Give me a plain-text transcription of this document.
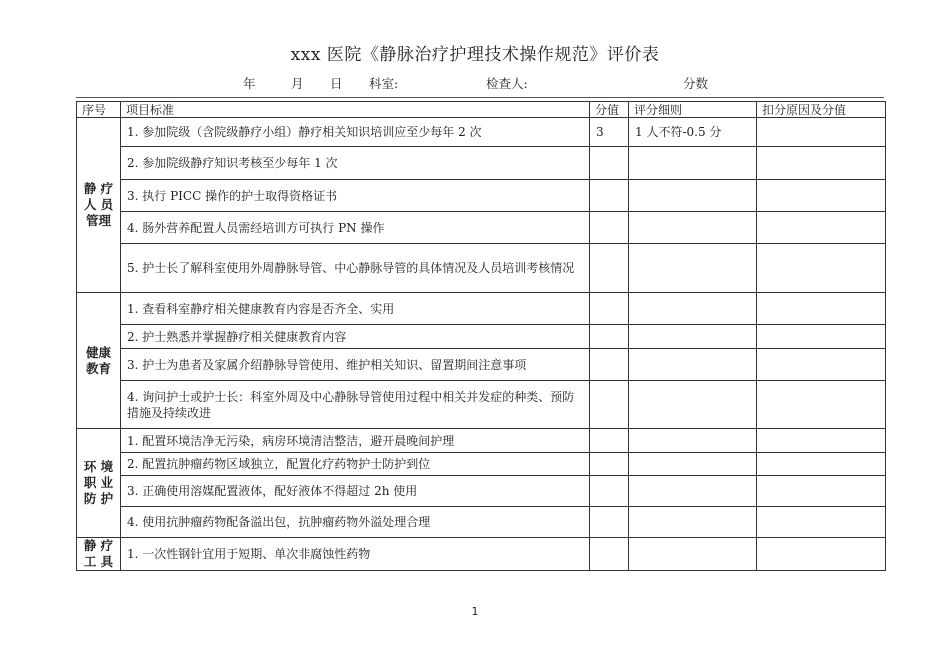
xxx 医院《静脉治疗护理技术操作规范》评价表
年	月 日 科室:	检查人:	分数
序号	项目标准	分值	评分细则	扣分原因及分值
静 疗
人 员
管理	1. 参加院级（含院级静疗小组）静疗相关知识培训应至少每年 2 次	3	1 人不符-0.5 分	
	2. 参加院级静疗知识考核至少每年 1 次			
	3. 执行 PICC 操作的护士取得资格证书			
	4. 肠外营养配置人员需经培训方可执行 PN 操作			
	5. 护士长了解科室使用外周静脉导管、中心静脉导管的具体情况及人员培训考核情况			
健康
教育	1. 查看科室静疗相关健康教育内容是否齐全、实用			
	2. 护士熟悉并掌握静疗相关健康教育内容			
	3. 护士为患者及家属介绍静脉导管使用、维护相关知识、留置期间注意事项			
	4. 询问护士或护士长：科室外周及中心静脉导管使用过程中相关并发症的种类、预防措施及持续改进			
环 境
职 业
防 护	1. 配置环境洁净无污染，病房环境清洁整洁，避开晨晚间护理			
	2. 配置抗肿瘤药物区域独立，配置化疗药物护士防护到位			
	3. 正确使用溶媒配置液体，配好液体不得超过 2h 使用			
	4. 使用抗肿瘤药物配备溢出包，抗肿瘤药物外溢处理合理			
静 疗
工 具	1. 一次性钢针宜用于短期、单次非腐蚀性药物			
1
